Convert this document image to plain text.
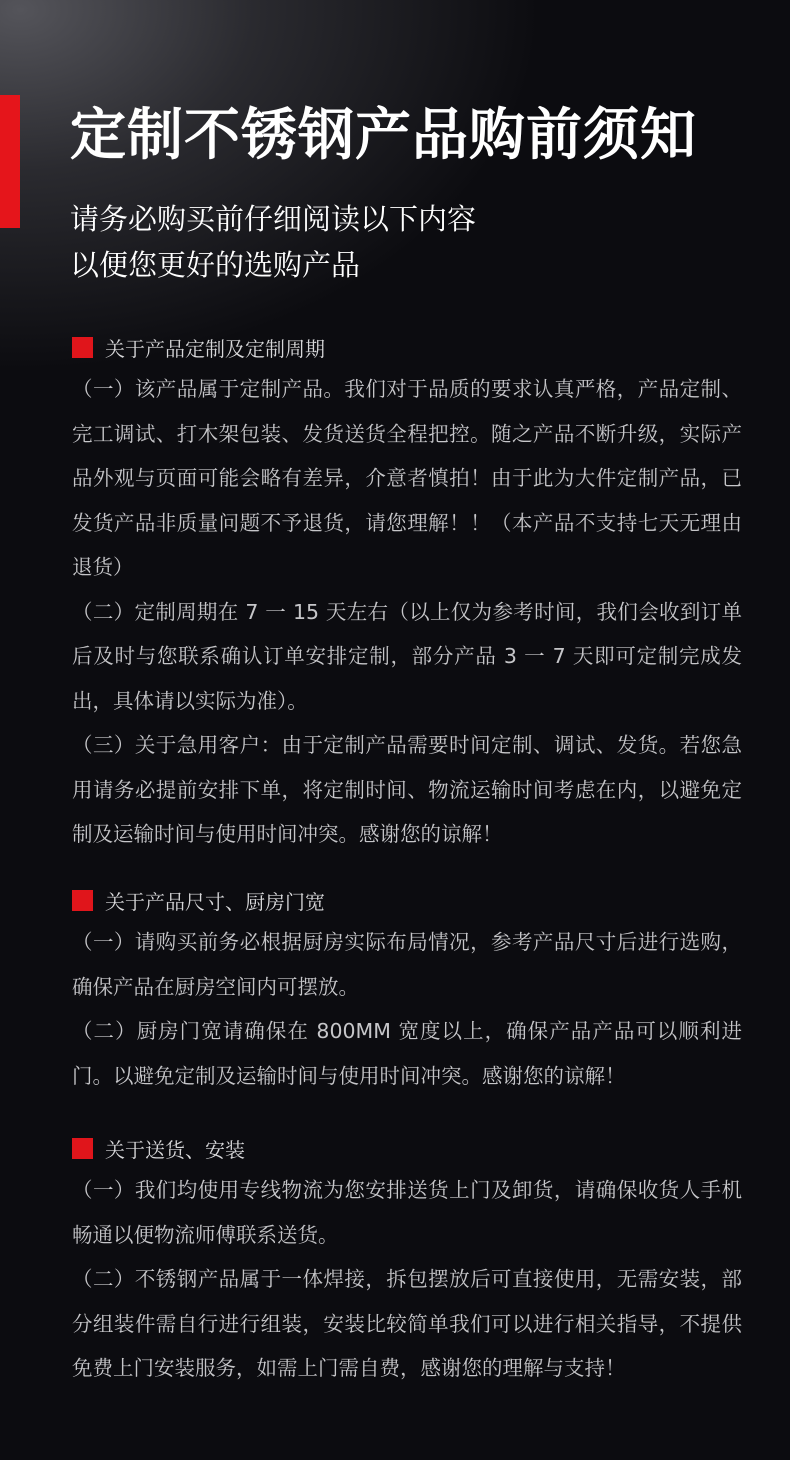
定制不锈钢产品购前须知
请务必购买前仔细阅读以下内容
以便您更好的选购产品
关于产品定制及定制周期

（一）该产品属于定制产品。我们对于品质的要求认真严格，产品定制、完工调试、打木架包装、发货送货全程把控。随之产品不断升级，实际产品外观与页面可能会略有差异，介意者慎拍！由于此为大件定制产品，已发货产品非质量问题不予退货，请您理解！！（本产品不支持七天无理由退货）

（二）定制周期在 7 一 15 天左右（以上仅为参考时间，我们会收到订单后及时与您联系确认订单安排定制，部分产品 3 一 7 天即可定制完成发出，具体请以实际为准）。

（三）关于急用客户：由于定制产品需要时间定制、调试、发货。若您急用请务必提前安排下单，将定制时间、物流运输时间考虑在内，以避免定制及运输时间与使用时间冲突。感谢您的谅解！

关于产品尺寸、厨房门宽

（一）请购买前务必根据厨房实际布局情况，参考产品尺寸后进行选购，确保产品在厨房空间内可摆放。

（二）厨房门宽请确保在 800MM 宽度以上，确保产品产品可以顺利进门。以避免定制及运输时间与使用时间冲突。感谢您的谅解！

关于送货、安装

（一）我们均使用专线物流为您安排送货上门及卸货，请确保收货人手机畅通以便物流师傅联系送货。

（二）不锈钢产品属于一体焊接，拆包摆放后可直接使用，无需安装，部分组装件需自行进行组装，安装比较简单我们可以进行相关指导，不提供免费上门安装服务，如需上门需自费，感谢您的理解与支持！
